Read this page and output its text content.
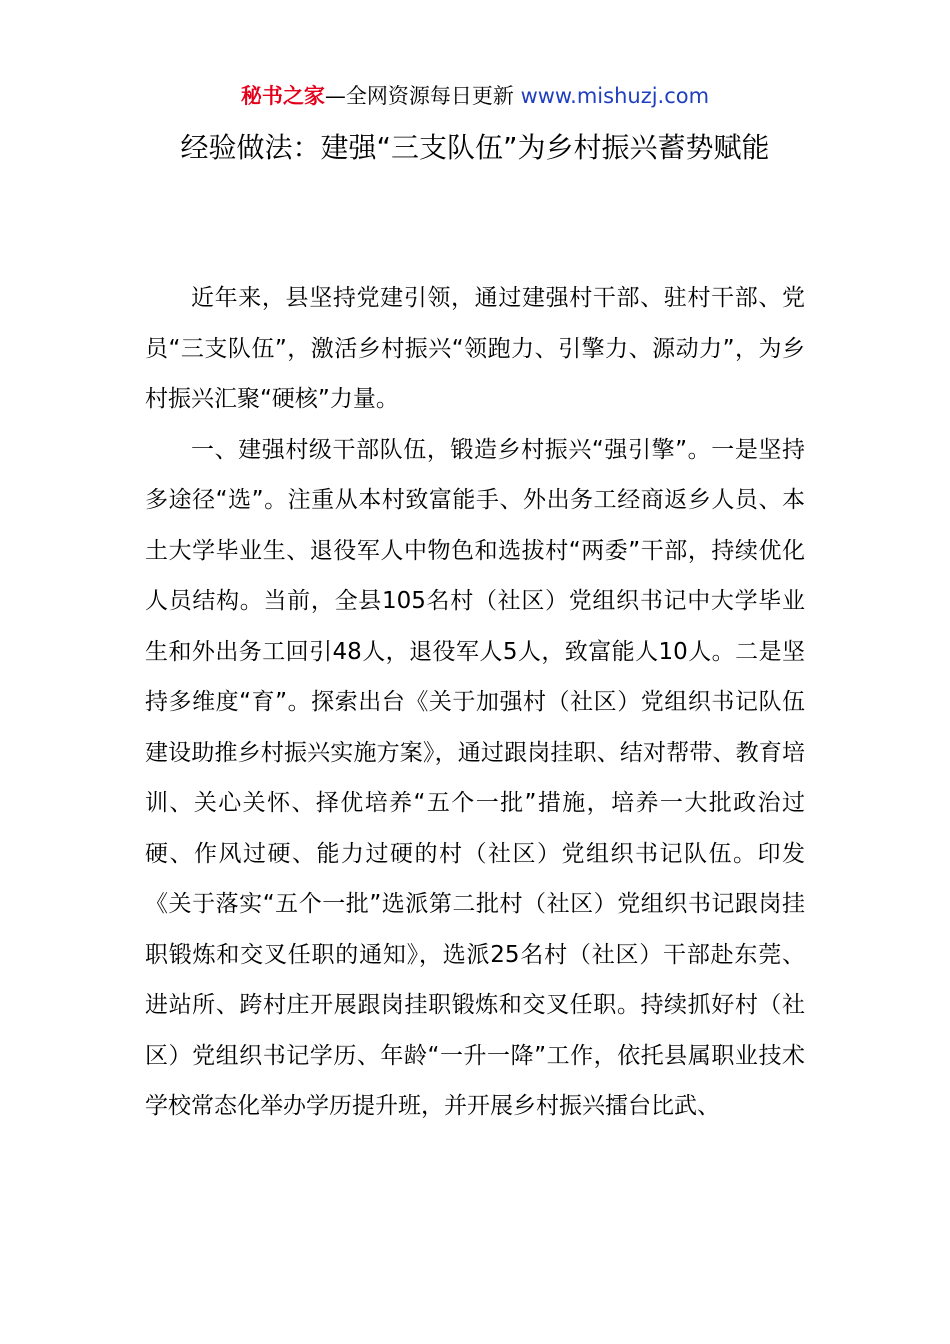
秘书之家—全网资源每日更新 www.mishuzj.com
经验做法：建强“三支队伍”为乡村振兴蓄势赋能

近年来，县坚持党建引领，通过建强村干部、驻村干部、党员“三支队伍”，激活乡村振兴“领跑力、引擎力、源动力”，为乡村振兴汇聚“硬核”力量。

一、建强村级干部队伍，锻造乡村振兴“强引擎”。一是坚持多途径“选”。注重从本村致富能手、外出务工经商返乡人员、本土大学毕业生、退役军人中物色和选拔村“两委”干部，持续优化人员结构。当前，全县105名村（社区）党组织书记中大学毕业生和外出务工回引48人，退役军人5人，致富能人10人。二是坚持多维度“育”。探索出台《关于加强村（社区）党组织书记队伍建设助推乡村振兴实施方案》，通过跟岗挂职、结对帮带、教育培训、关心关怀、择优培养“五个一批”措施，培养一大批政治过硬、作风过硬、能力过硬的村（社区）党组织书记队伍。印发《关于落实“五个一批”选派第二批村（社区）党组织书记跟岗挂职锻炼和交叉任职的通知》，选派25名村（社区）干部赴东莞、进站所、跨村庄开展跟岗挂职锻炼和交叉任职。持续抓好村（社区）党组织书记学历、年龄“一升一降”工作，依托县属职业技术学校常态化举办学历提升班，并开展乡村振兴擂台比武、
